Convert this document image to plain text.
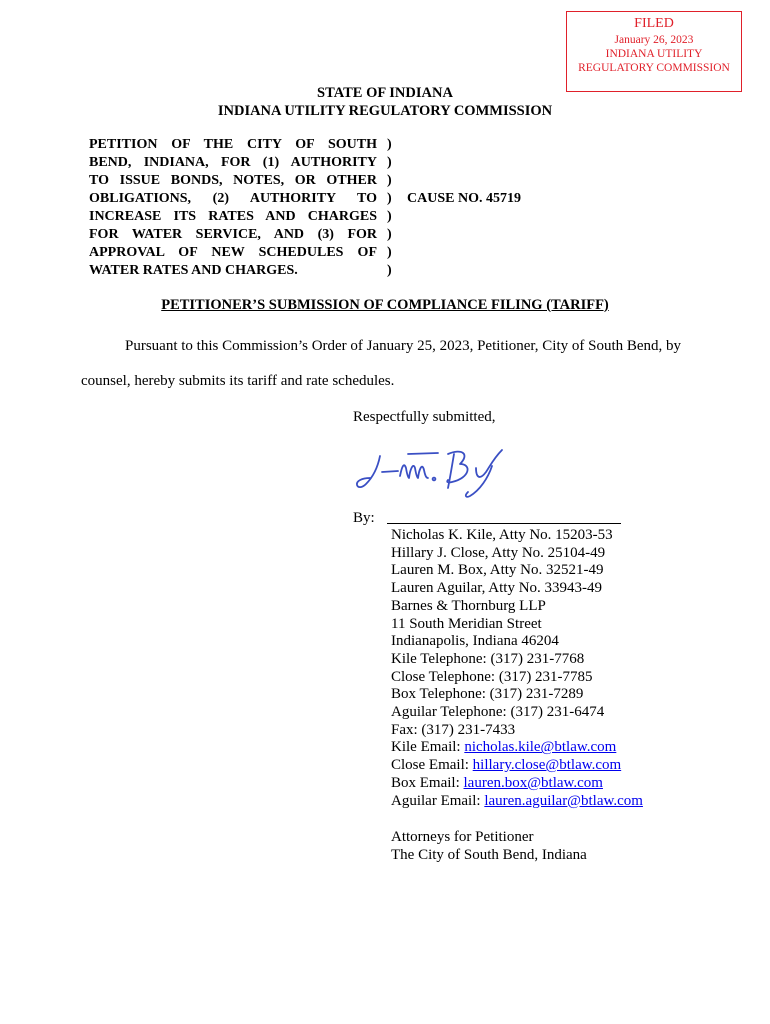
FILED
January 26, 2023
INDIANA UTILITY
REGULATORY COMMISSION
STATE OF INDIANA
INDIANA UTILITY REGULATORY COMMISSION
PETITION OF THE CITY OF SOUTH
BEND, INDIANA, FOR (1) AUTHORITY
TO ISSUE BONDS, NOTES, OR OTHER
OBLIGATIONS, (2) AUTHORITY TO
INCREASE ITS RATES AND CHARGES
FOR WATER SERVICE, AND (3) FOR
APPROVAL OF NEW SCHEDULES OF
WATER RATES AND CHARGES.
)
)
)
)
)
)
)
)
CAUSE NO. 45719
PETITIONER’S SUBMISSION OF COMPLIANCE FILING (TARIFF)
Pursuant to this Commission’s Order of January 25, 2023, Petitioner, City of South Bend, by
counsel, hereby submits its tariff and rate schedules.
Respectfully submitted,
By:
Nicholas K. Kile, Atty No. 15203-53
Hillary J. Close, Atty No. 25104-49
Lauren M. Box, Atty No. 32521-49
Lauren Aguilar, Atty No. 33943-49
Barnes & Thornburg LLP
11 South Meridian Street
Indianapolis, Indiana 46204
Kile Telephone: (317) 231-7768
Close Telephone: (317) 231-7785
Box Telephone: (317) 231-7289
Aguilar Telephone: (317) 231-6474
Fax: (317) 231-7433
Kile Email: nicholas.kile@btlaw.com
Close Email: hillary.close@btlaw.com
Box Email: lauren.box@btlaw.com
Aguilar Email: lauren.aguilar@btlaw.com
Attorneys for Petitioner
The City of South Bend, Indiana
